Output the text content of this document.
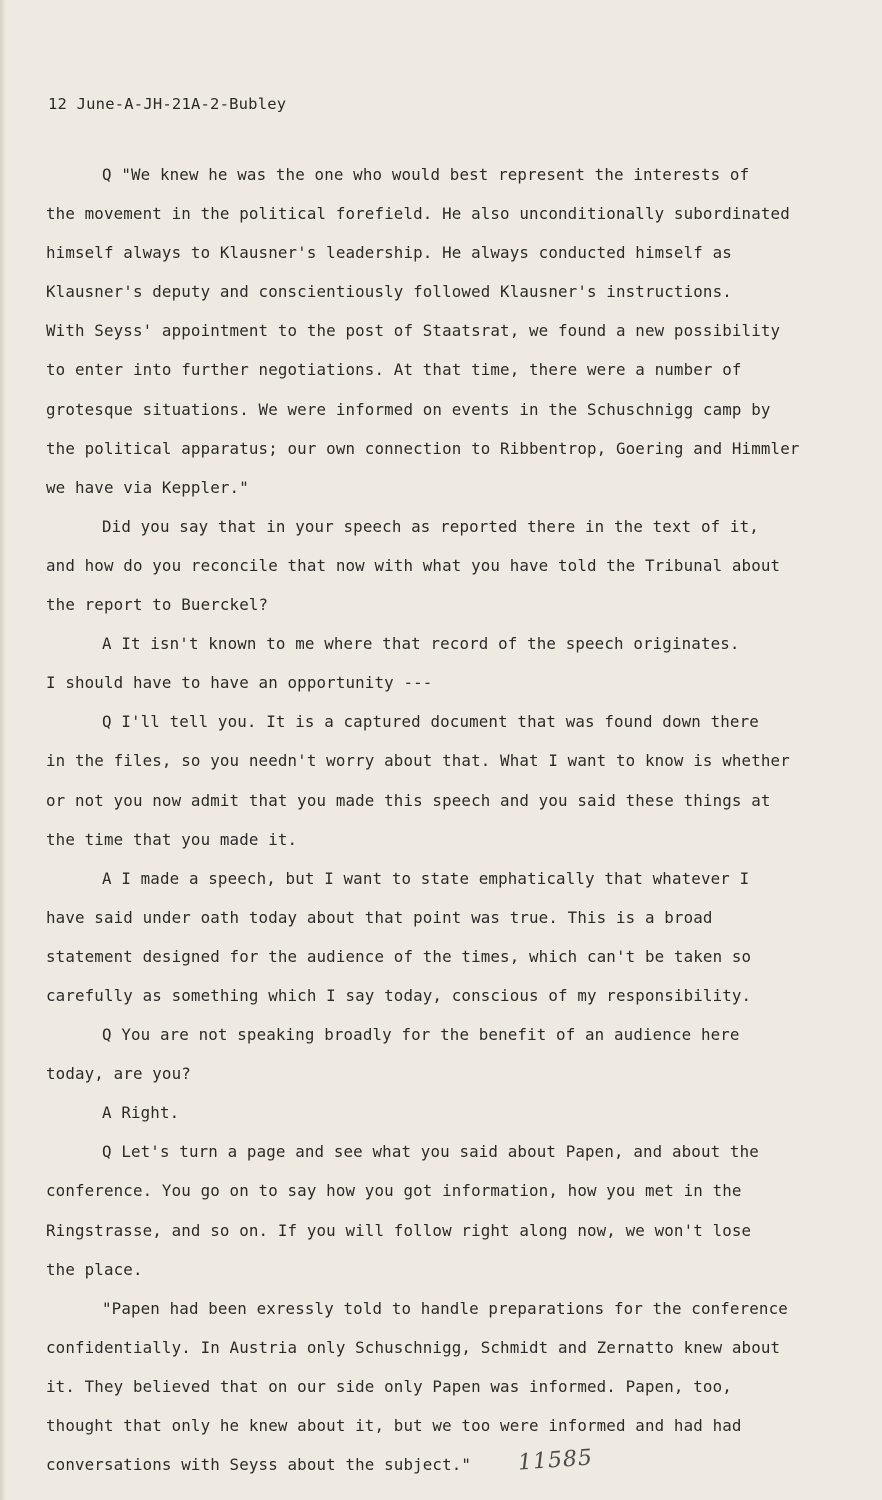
12 June-A-JH-21A-2-Bubley
Q "We knew he was the one who would best represent the interests of
the movement in the political forefield. He also unconditionally subordinated
himself always to Klausner's leadership. He always conducted himself as
Klausner's deputy and conscientiously followed Klausner's instructions.
With Seyss' appointment to the post of Staatsrat, we found a new possibility
to enter into further negotiations. At that time, there were a number of
grotesque situations. We were informed on events in the Schuschnigg camp by
the political apparatus; our own connection to Ribbentrop, Goering and Himmler
we have via Keppler."
Did you say that in your speech as reported there in the text of it,
and how do you reconcile that now with what you have told the Tribunal about
the report to Buerckel?
A It isn't known to me where that record of the speech originates.
I should have to have an opportunity ---
Q I'll tell you. It is a captured document that was found down there
in the files, so you needn't worry about that. What I want to know is whether
or not you now admit that you made this speech and you said these things at
the time that you made it.
A I made a speech, but I want to state emphatically that whatever I
have said under oath today about that point was true. This is a broad
statement designed for the audience of the times, which can't be taken so
carefully as something which I say today, conscious of my responsibility.
Q You are not speaking broadly for the benefit of an audience here
today, are you?
A Right.
Q Let's turn a page and see what you said about Papen, and about the
conference. You go on to say how you got information, how you met in the
Ringstrasse, and so on. If you will follow right along now, we won't lose
the place.
"Papen had been exressly told to handle preparations for the conference
confidentially. In Austria only Schuschnigg, Schmidt and Zernatto knew about
it. They believed that on our side only Papen was informed. Papen, too,
thought that only he knew about it, but we too were informed and had had
conversations with Seyss about the subject."	11585
